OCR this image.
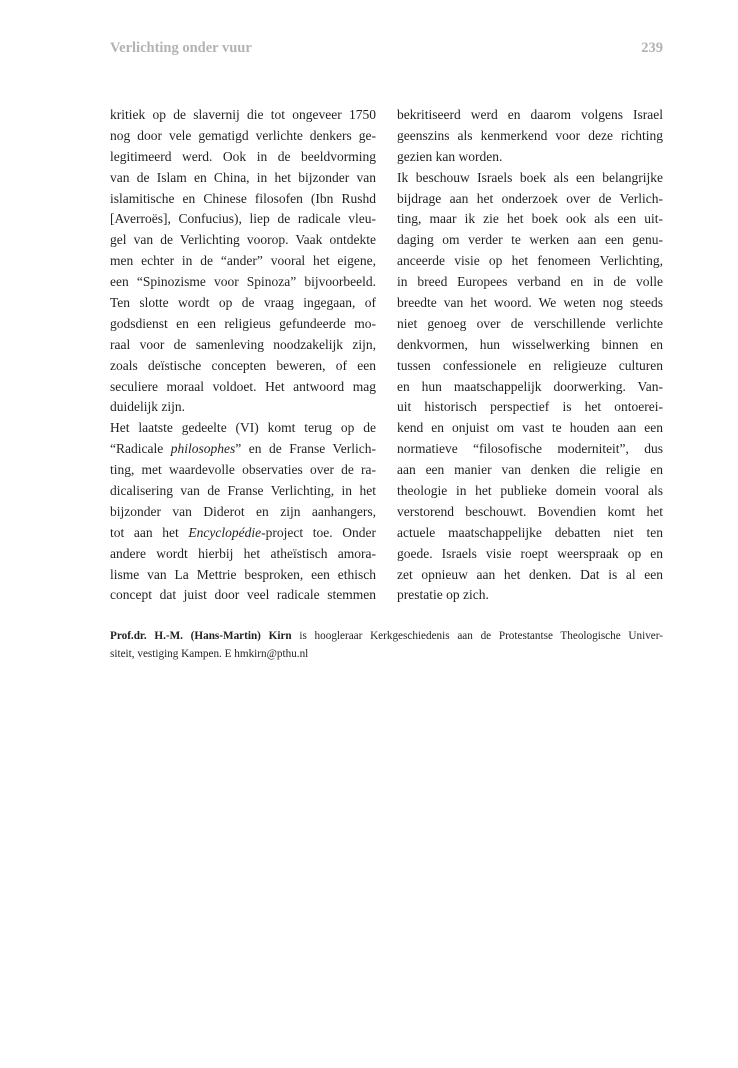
Verlichting onder vuur	239
kritiek op de slavernij die tot ongeveer 1750
nog door vele gematigd verlichte denkers ge-
legitimeerd werd. Ook in de beeldvorming
van de Islam en China, in het bijzonder van
islamitische en Chinese filosofen (Ibn Rushd
[Averroës], Confucius), liep de radicale vleu-
gel van de Verlichting voorop. Vaak ontdekte
men echter in de “ander” vooral het eigene,
een “Spinozisme voor Spinoza” bijvoorbeeld.
Ten slotte wordt op de vraag ingegaan, of
godsdienst en een religieus gefundeerde mo-
raal voor de samenleving noodzakelijk zijn,
zoals deïstische concepten beweren, of een
seculiere moraal voldoet. Het antwoord mag
duidelijk zijn.
Het laatste gedeelte (VI) komt terug op de
“Radicale philosophes” en de Franse Verlich-
ting, met waardevolle observaties over de ra-
dicalisering van de Franse Verlichting, in het
bijzonder van Diderot en zijn aanhangers,
tot aan het Encyclopédie-project toe. Onder
andere wordt hierbij het atheïstisch amora-
lisme van La Mettrie besproken, een ethisch
concept dat juist door veel radicale stemmen
bekritiseerd werd en daarom volgens Israel
geenszins als kenmerkend voor deze richting
gezien kan worden.
Ik beschouw Israels boek als een belangrijke
bijdrage aan het onderzoek over de Verlich-
ting, maar ik zie het boek ook als een uit-
daging om verder te werken aan een genu-
anceerde visie op het fenomeen Verlichting,
in breed Europees verband en in de volle
breedte van het woord. We weten nog steeds
niet genoeg over de verschillende verlichte
denkvormen, hun wisselwerking binnen en
tussen confessionele en religieuze culturen
en hun maatschappelijk doorwerking. Van-
uit historisch perspectief is het ontoerei-
kend en onjuist om vast te houden aan een
normatieve “filosofische moderniteit”, dus
aan een manier van denken die religie en
theologie in het publieke domein vooral als
verstorend beschouwt. Bovendien komt het
actuele maatschappelijke debatten niet ten
goede. Israels visie roept weerspraak op en
zet opnieuw aan het denken. Dat is al een
prestatie op zich.
Prof.dr. H.-M. (Hans-Martin) Kirn is hoogleraar Kerkgeschiedenis aan de Protestantse Theologische Univer-
siteit, vestiging Kampen. E hmkirn@pthu.nl
